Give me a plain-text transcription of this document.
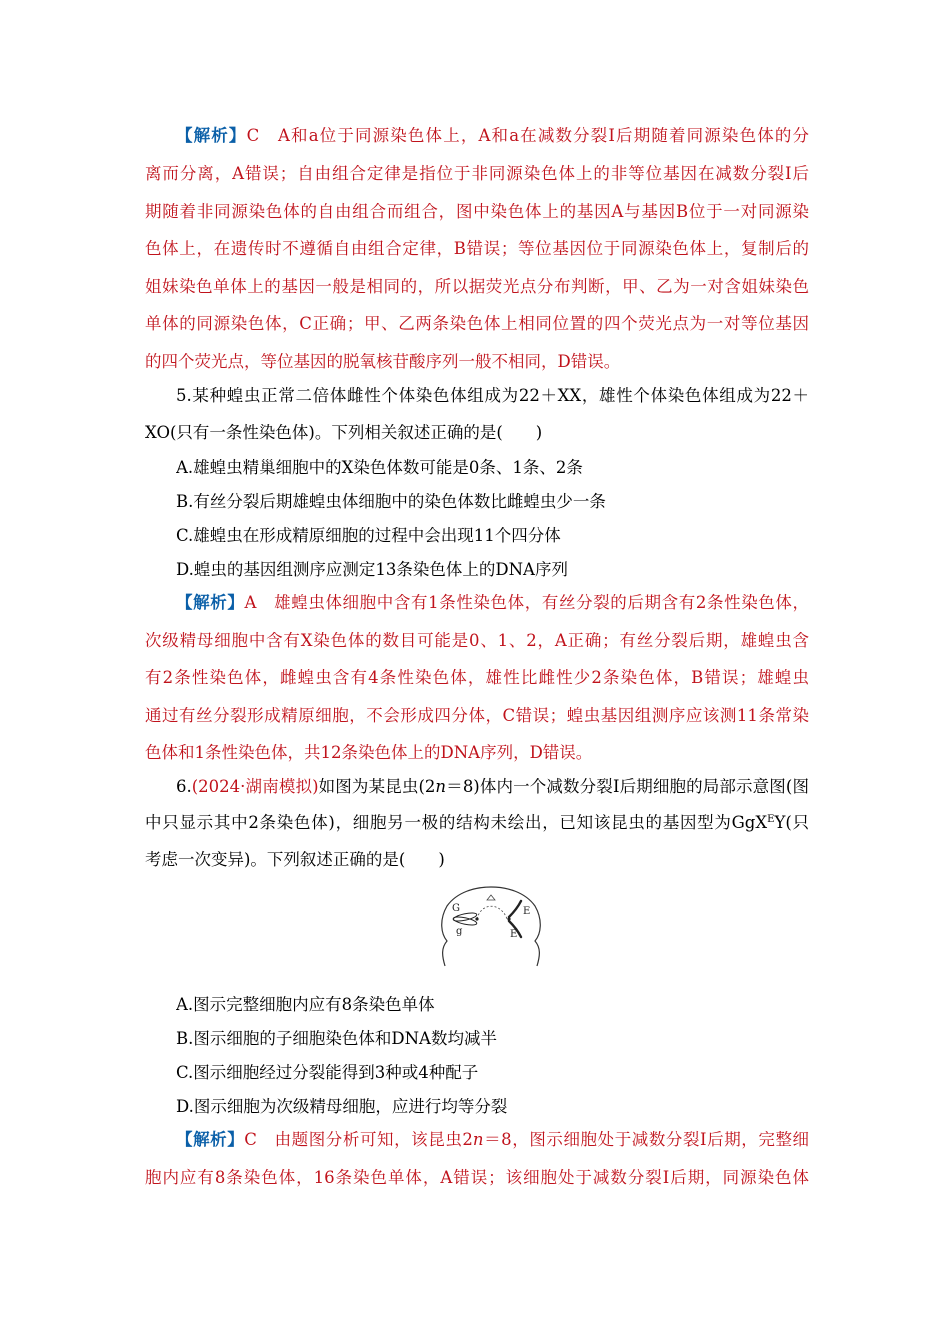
【解析】C　 A和a位于同源染色体上，A和a在减数分裂Ⅰ后期随着同源染色体的分
离而分离，A错误；自由组合定律是指位于非同源染色体上的非等位基因在减数分裂Ⅰ后
期随着非同源染色体的自由组合而组合，图中染色体上的基因A与基因B位于一对同源染
色体上，在遗传时不遵循自由组合定律，B错误；等位基因位于同源染色体上，复制后的
姐妹染色单体上的基因一般是相同的，所以据荧光点分布判断，甲、乙为一对含姐妹染色
单体的同源染色体，C正确；甲、乙两条染色体上相同位置的四个荧光点为一对等位基因
的四个荧光点，等位基因的脱氧核苷酸序列一般不相同，D错误。
5.某种蝗虫正常二倍体雌性个体染色体组成为22＋XX，雄性个体染色体组成为22＋
XO(只有一条性染色体)。下列相关叙述正确的是(　　)
A.雄蝗虫精巢细胞中的X染色体数可能是0条、1条、2条
B.有丝分裂后期雄蝗虫体细胞中的染色体数比雌蝗虫少一条
C.雄蝗虫在形成精原细胞的过程中会出现11个四分体
D.蝗虫的基因组测序应测定13条染色体上的DNA序列
【解析】A　 雄蝗虫体细胞中含有1条性染色体，有丝分裂的后期含有2条性染色体，
次级精母细胞中含有X染色体的数目可能是0、1、2，A正确；有丝分裂后期，雄蝗虫含
有2条性染色体，雌蝗虫含有4条性染色体，雄性比雌性少2条染色体，B错误；雄蝗虫
通过有丝分裂形成精原细胞，不会形成四分体，C错误；蝗虫基因组测序应该测11条常染
色体和1条性染色体，共12条染色体上的DNA序列，D错误。
6.(2024·湖南模拟)如图为某昆虫(2n＝8)体内一个减数分裂Ⅰ后期细胞的局部示意图(图
中只显示其中2条染色体)，细胞另一极的结构未绘出，已知该昆虫的基因型为GgX$^E$Y(只
考虑一次变异)。下列叙述正确的是(　　)
G
g
E
E
A.图示完整细胞内应有8条染色单体
B.图示细胞的子细胞染色体和DNA数均减半
C.图示细胞经过分裂能得到3种或4种配子
D.图示细胞为次级精母细胞，应进行均等分裂
【解析】C　 由题图分析可知，该昆虫2n＝8，图示细胞处于减数分裂Ⅰ后期，完整细
胞内应有8条染色体，16条染色单体，A错误；该细胞处于减数分裂Ⅰ后期，同源染色体
